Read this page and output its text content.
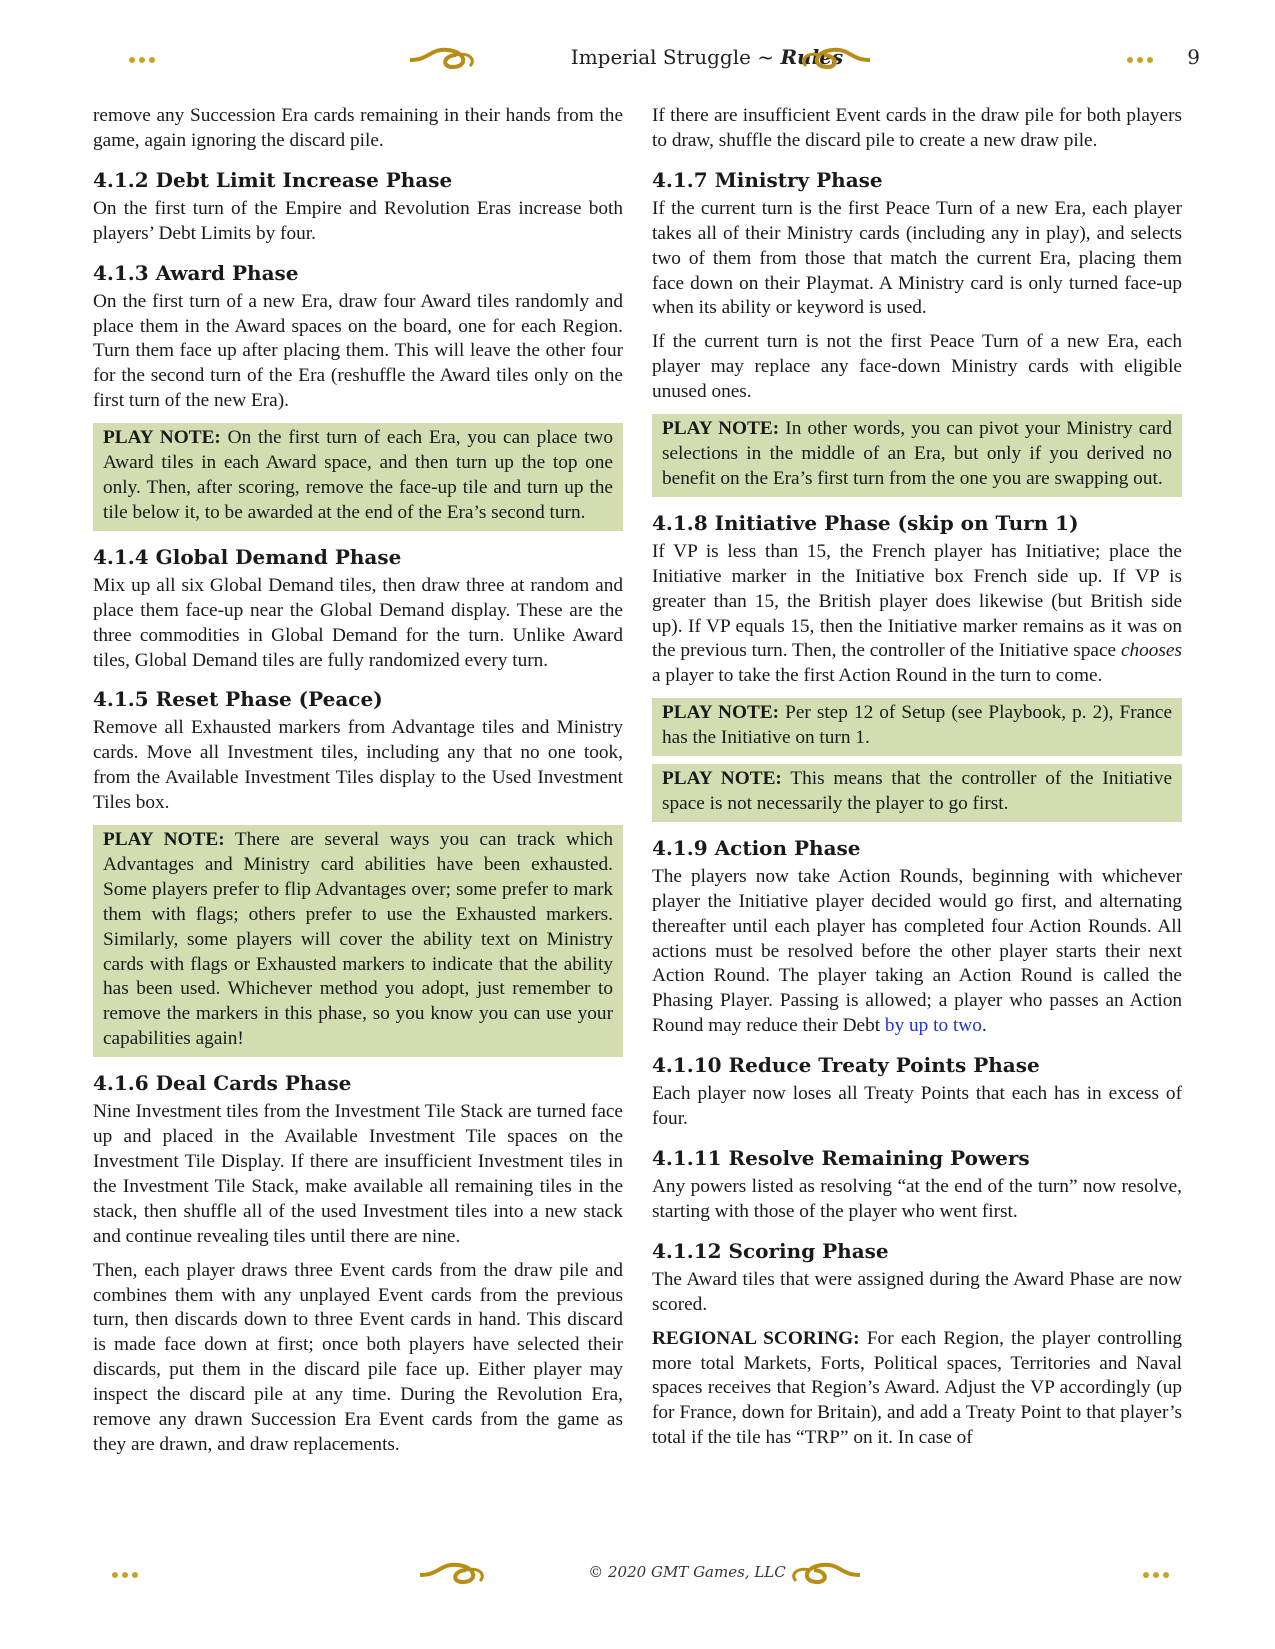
Imperial Struggle ~ Rules	9

remove any Succession Era cards remaining in their hands from the game, again ignoring the discard pile.

4.1.2 Debt Limit Increase Phase

On the first turn of the Empire and Revolution Eras increase both players’ Debt Limits by four.

4.1.3 Award Phase

On the first turn of a new Era, draw four Award tiles randomly and place them in the Award spaces on the board, one for each Region. Turn them face up after placing them. This will leave the other four for the second turn of the Era (reshuffle the Award tiles only on the first turn of the new Era).

PLAY NOTE: On the first turn of each Era, you can place two Award tiles in each Award space, and then turn up the top one only. Then, after scoring, remove the face-up tile and turn up the tile below it, to be awarded at the end of the Era’s second turn.
4.1.4 Global Demand Phase

Mix up all six Global Demand tiles, then draw three at random and place them face-up near the Global Demand display. These are the three commodities in Global Demand for the turn. Unlike Award tiles, Global Demand tiles are fully randomized every turn.

4.1.5 Reset Phase (Peace)

Remove all Exhausted markers from Advantage tiles and Ministry cards. Move all Investment tiles, including any that no one took, from the Available Investment Tiles display to the Used Investment Tiles box.

PLAY NOTE: There are several ways you can track which Advantages and Ministry card abilities have been exhausted. Some players prefer to flip Advantages over; some prefer to mark them with flags; others prefer to use the Exhausted markers. Similarly, some players will cover the ability text on Ministry cards with flags or Exhausted markers to indicate that the ability has been used. Whichever method you adopt, just remember to remove the markers in this phase, so you know you can use your capabilities again!
4.1.6 Deal Cards Phase

Nine Investment tiles from the Investment Tile Stack are turned face up and placed in the Available Investment Tile spaces on the Investment Tile Display. If there are insufficient Investment tiles in the Investment Tile Stack, make available all remaining tiles in the stack, then shuffle all of the used Investment tiles into a new stack and continue revealing tiles until there are nine.

Then, each player draws three Event cards from the draw pile and combines them with any unplayed Event cards from the previous turn, then discards down to three Event cards in hand. This discard is made face down at first; once both players have selected their discards, put them in the discard pile face up. Either player may inspect the discard pile at any time. During the Revolution Era, remove any drawn Succession Era Event cards from the game as they are drawn, and draw replacements.

If there are insufficient Event cards in the draw pile for both players to draw, shuffle the discard pile to create a new draw pile.

4.1.7 Ministry Phase

If the current turn is the first Peace Turn of a new Era, each player takes all of their Ministry cards (including any in play), and selects two of them from those that match the current Era, placing them face down on their Playmat. A Ministry card is only turned face-up when its ability or keyword is used.

If the current turn is not the first Peace Turn of a new Era, each player may replace any face-down Ministry cards with eligible unused ones.

PLAY NOTE: In other words, you can pivot your Ministry card selections in the middle of an Era, but only if you derived no benefit on the Era’s first turn from the one you are swapping out.
4.1.8 Initiative Phase (skip on Turn 1)

If VP is less than 15, the French player has Initiative; place the Initiative marker in the Initiative box French side up. If VP is greater than 15, the British player does likewise (but British side up). If VP equals 15, then the Initiative marker remains as it was on the previous turn. Then, the controller of the Initiative space chooses a player to take the first Action Round in the turn to come.

PLAY NOTE: Per step 12 of Setup (see Playbook, p. 2), France has the Initiative on turn 1.
PLAY NOTE: This means that the controller of the Initiative space is not necessarily the player to go first.
4.1.9 Action Phase

The players now take Action Rounds, beginning with whichever player the Initiative player decided would go first, and alternating thereafter until each player has completed four Action Rounds. All actions must be resolved before the other player starts their next Action Round. The player taking an Action Round is called the Phasing Player. Passing is allowed; a player who passes an Action Round may reduce their Debt by up to two.

4.1.10 Reduce Treaty Points Phase

Each player now loses all Treaty Points that each has in excess of four.

4.1.11 Resolve Remaining Powers

Any powers listed as resolving “at the end of the turn” now resolve, starting with those of the player who went first.

4.1.12 Scoring Phase

The Award tiles that were assigned during the Award Phase are now scored.

REGIONAL SCORING: For each Region, the player controlling more total Markets, Forts, Political spaces, Territories and Naval spaces receives that Region’s Award. Adjust the VP accordingly (up for France, down for Britain), and add a Treaty Point to that player’s total if the tile has “TRP” on it. In case of

© 2020 GMT Games, LLC
